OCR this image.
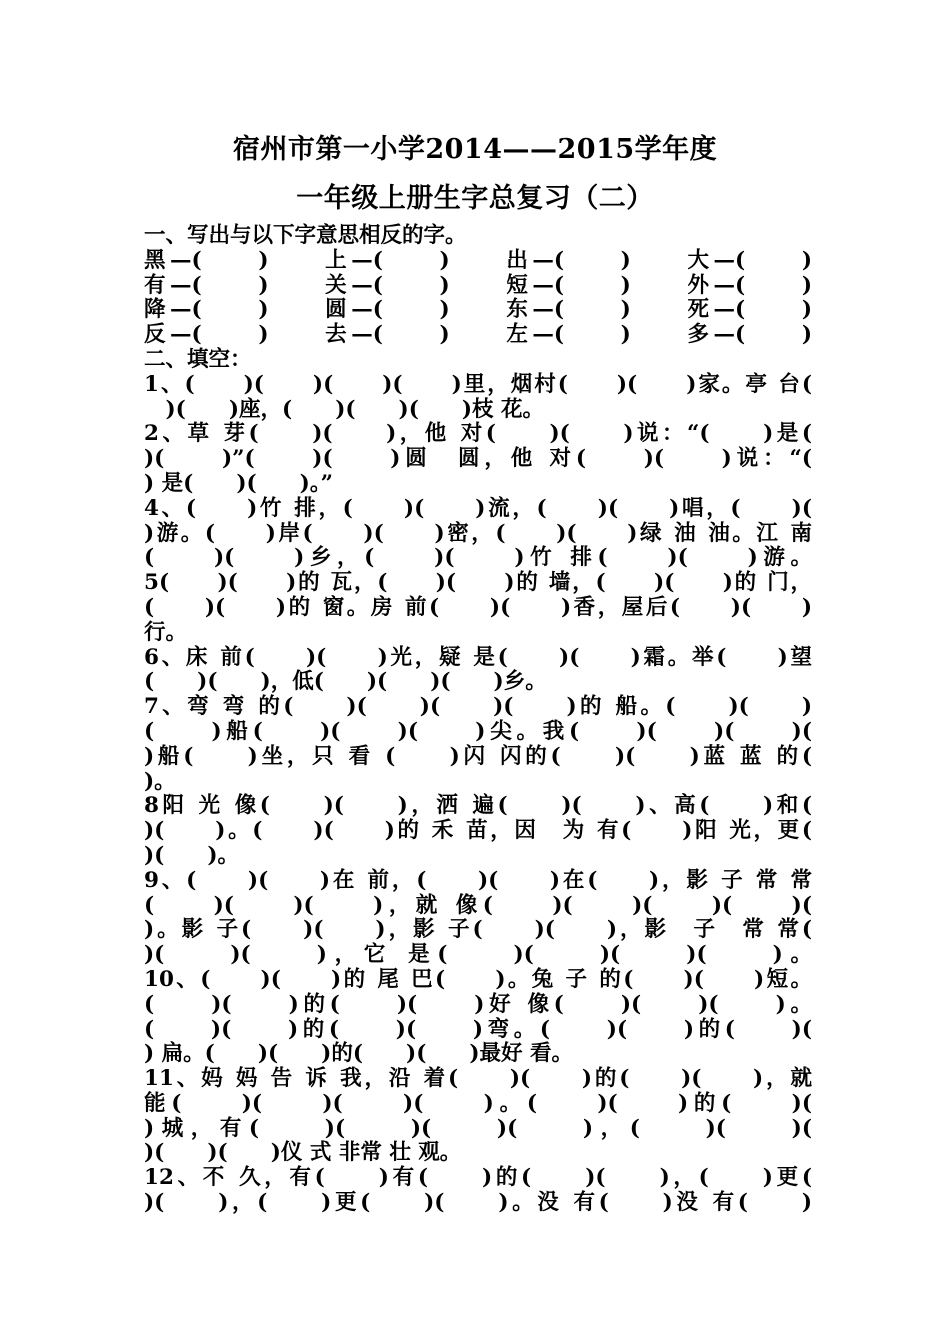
宿州市第一小学2014——2015学年度
一年级上册生字总复习（二）
一、写出与以下字意思相反的字。
黑—(　　)　　上—(　　)　　出—(　　)　　大—(　　)
有—(　　)　　关—(　　)　　短—(　　)　　外—(　　)
降—(　　)　　圆—(　　)　　东—(　　)　　死—(　　)
反—(　　)　　去—(　　)　　左—(　　)　　多—(　　)
二、填空：
1、(　　)(　　)(　　)(　　)里，烟村(　　)(　　)家。亭 台(
　)(　　)座，(　　)(　　)(　　)枝 花。
2、草 芽(　　)(　　)，他 对(　　)(　　)说：“(　　)是(
)(　　)”(　　)(　　)圆　圆，他 对(　　)(　　)说：“(
) 是(　　)(　　)。”
4、(　　)竹 排，(　　)(　　)流，(　　)(　　)唱，(　　)(
)游。(　　)岸(　　)(　　)密，(　　)(　　)绿 油 油。江 南
(　　)(　　)乡，(　　)(　　)竹 排(　　)(　　)游。
5(　　)(　　)的 瓦，(　　)(　　)的 墙，(　　)(　　)的 门，
(　　)(　　)的 窗。房 前(　　)(　　)香，屋后(　　)(　　)
行。
6、床 前(　　)(　　)光，疑 是(　　)(　　)霜。举(　　)望
(　　)(　　)，低(　　)(　　)(　　)乡。
7、弯 弯 的(　　)(　　)(　　)(　　)的 船。(　　)(　　)
(　　)船(　　)(　　)(　　)尖。我(　　)(　　)(　　)(
)船(　　)坐，只 看 (　　)闪 闪的(　　)(　　)蓝 蓝 的(
)。
8阳 光 像(　　)(　　)，洒 遍(　　)(　　)、高(　　)和(
)(　　)。(　　)(　　)的 禾 苗，因　为 有(　　)阳 光，更(
)(　　)。
9、(　　)(　　)在 前，(　　)(　　)在(　　)，影 子 常 常
(　　)(　　)(　　)，就 像(　　)(　　)(　　)(　　)(
)。影 子(　　)(　　)，影 子(　　)(　　)，影　子　常 常(
)(　　)(　　)，它 是(　　)(　　)(　　)(　　)。
10、(　　)(　　)的 尾 巴(　　)。兔 子 的(　　)(　　)短。
(　　)(　　)的(　　)(　　)好 像(　　)(　　)(　　)。
(　　)(　　)的(　　)(　　)弯。(　　)(　　)的(　　)(
) 扁。(　　)(　　)的(　　)(　　)最好 看。
11、妈 妈 告 诉 我，沿 着(　　)(　　)的(　　)(　　)，就
能(　　)(　　)(　　)(　　)。(　　)(　　)的(　　)(
)城，有(　　)(　　)(　　)(　　)，(　　)(　　)(
)(　　)(　　)仪 式 非常 壮 观。
12、不 久，有(　　)有(　　)的(　　)(　　)，(　　)更(
)(　　)，(　　)更(　　)(　　)。没 有(　　)没 有(　　)
